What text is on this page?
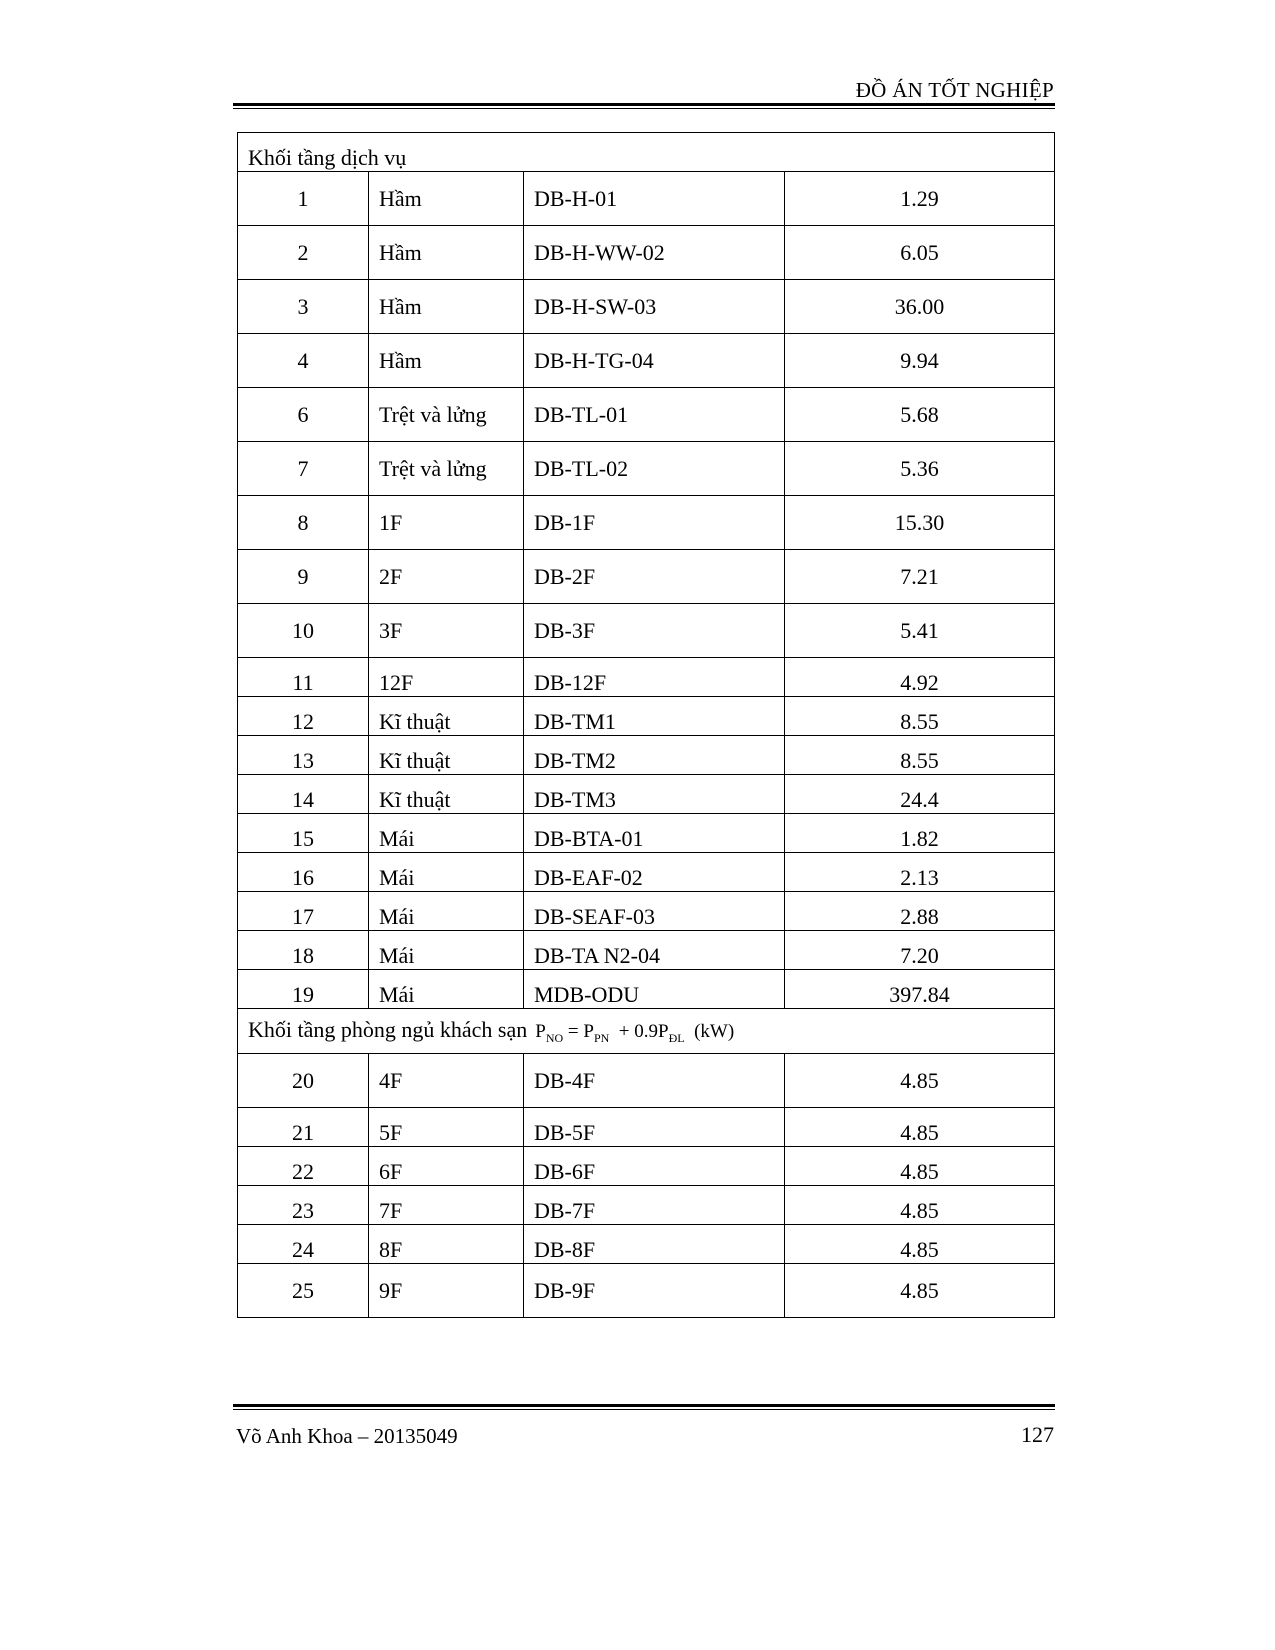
ĐỒ ÁN TỐT NGHIỆP
Khối tầng dịch vụ			
1	Hầm	DB-H-01	1.29
2	Hầm	DB-H-WW-02	6.05
3	Hầm	DB-H-SW-03	36.00
4	Hầm	DB-H-TG-04	9.94
6	Trệt và lửng	DB-TL-01	5.68
7	Trệt và lửng	DB-TL-02	5.36
8	1F	DB-1F	15.30
9	2F	DB-2F	7.21
10	3F	DB-3F	5.41
11	12F	DB-12F	4.92
12	Kĩ thuật	DB-TM1	8.55
13	Kĩ thuật	DB-TM2	8.55
14	Kĩ thuật	DB-TM3	24.4
15	Mái	DB-BTA-01	1.82
16	Mái	DB-EAF-02	2.13
17	Mái	DB-SEAF-03	2.88
18	Mái	DB-TA N2-04	7.20
19	Mái	MDB-ODU	397.84
Khối tầng phòng ngủ khách sạn $P_{NO} = P_{PN} + 0.9P_{ĐL}$  (kW)			
20	4F	DB-4F	4.85
21	5F	DB-5F	4.85
22	6F	DB-6F	4.85
23	7F	DB-7F	4.85
24	8F	DB-8F	4.85
25	9F	DB-9F	4.85
Võ Anh Khoa – 20135049	127
